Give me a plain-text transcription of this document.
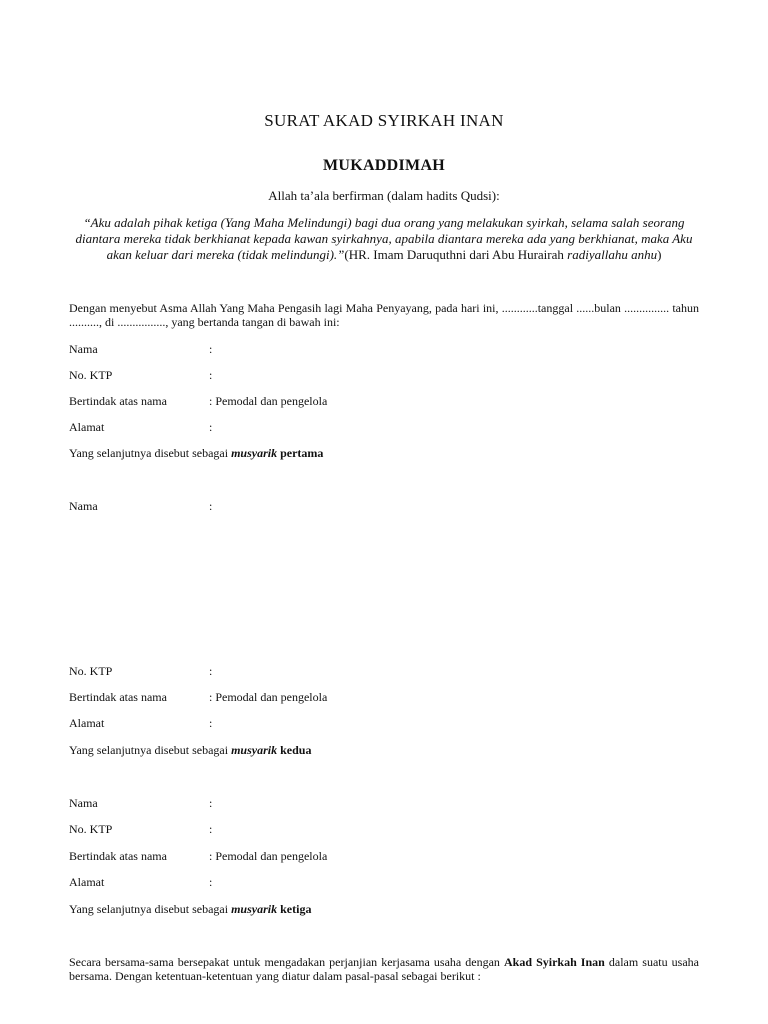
SURAT AKAD SYIRKAH INAN
MUKADDIMAH
Allah ta’ala berfirman (dalam hadits Qudsi):
“Aku adalah pihak ketiga (Yang Maha Melindungi) bagi dua orang yang melakukan syirkah, selama salah seorang diantara mereka tidak berkhianat kepada kawan syirkahnya, apabila diantara mereka ada yang berkhianat, maka Aku akan keluar dari mereka (tidak melindungi).”(HR. Imam Daruquthni dari Abu Hurairah radiyallahu anhu)
Dengan menyebut Asma Allah Yang Maha Pengasih lagi Maha Penyayang, pada hari ini, ............tanggal ......bulan ............... tahun .........., di ................, yang bertanda tangan di bawah ini:
Nama	:
No. KTP	:
Bertindak atas nama	: Pemodal dan pengelola
Alamat	:
Yang selanjutnya disebut sebagai musyarik pertama
Nama	:
No. KTP	:
Bertindak atas nama	: Pemodal dan pengelola
Alamat	:
Yang selanjutnya disebut sebagai musyarik kedua
Nama	:
No. KTP	:
Bertindak atas nama	: Pemodal dan pengelola
Alamat	:
Yang selanjutnya disebut sebagai musyarik ketiga
Secara bersama-sama bersepakat untuk mengadakan perjanjian kerjasama usaha dengan Akad Syirkah Inan dalam suatu usaha bersama. Dengan ketentuan-ketentuan yang diatur dalam pasal-pasal sebagai berikut :
